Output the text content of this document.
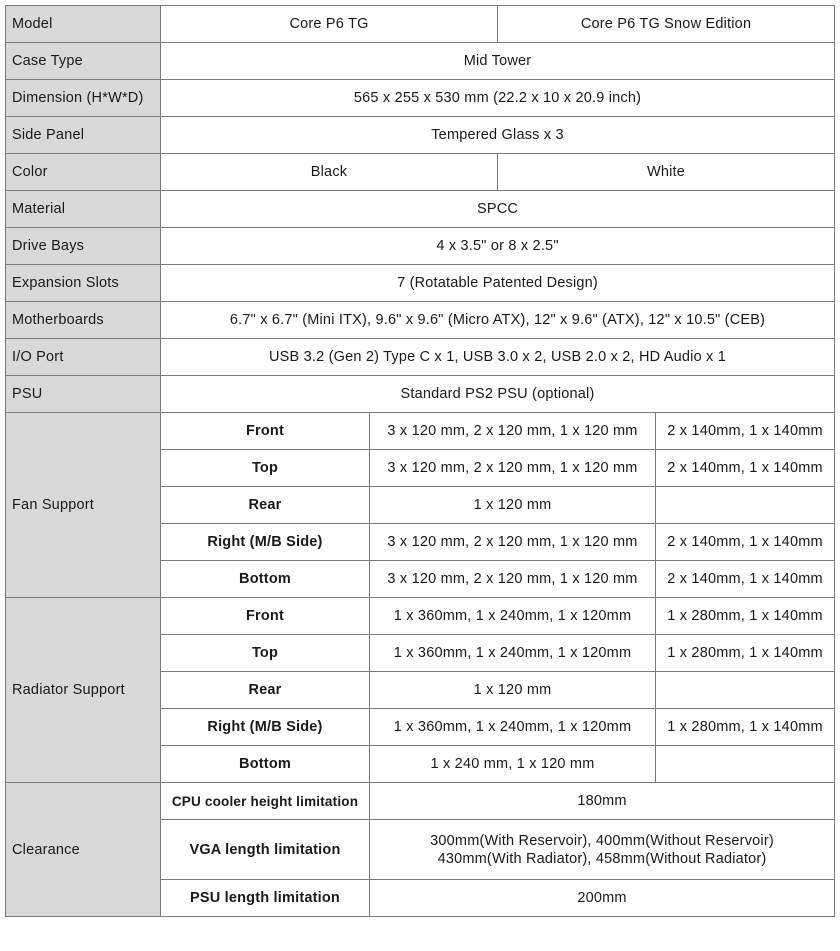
Model	Core P6 TG		Core P6 TG Snow Edition	
Case Type	Mid Tower			
Dimension (H*W*D)	565 x 255 x 530 mm (22.2 x 10 x 20.9 inch)			
Side Panel	Tempered Glass x 3			
Color	Black		White	
Material	SPCC			
Drive Bays	4 x 3.5" or 8 x 2.5"			
Expansion Slots	7 (Rotatable Patented Design)			
Motherboards	6.7" x 6.7" (Mini ITX), 9.6" x 9.6" (Micro ATX), 12" x 9.6" (ATX), 12" x 10.5" (CEB)			
I/O Port	USB 3.2 (Gen 2) Type C x 1, USB 3.0 x 2, USB 2.0 x 2, HD Audio x 1			
PSU	Standard PS2 PSU (optional)			
Fan Support	Front	3 x 120 mm, 2 x 120 mm, 1 x 120 mm		2 x 140mm, 1 x 140mm
	Top	3 x 120 mm, 2 x 120 mm, 1 x 120 mm		2 x 140mm, 1 x 140mm
	Rear	1 x 120 mm		
	Right (M/B Side)	3 x 120 mm, 2 x 120 mm, 1 x 120 mm		2 x 140mm, 1 x 140mm
	Bottom	3 x 120 mm, 2 x 120 mm, 1 x 120 mm		2 x 140mm, 1 x 140mm
Radiator Support	Front	1 x 360mm, 1 x 240mm, 1 x 120mm		1 x 280mm, 1 x 140mm
	Top	1 x 360mm, 1 x 240mm, 1 x 120mm		1 x 280mm, 1 x 140mm
	Rear	1 x 120 mm		
	Right (M/B Side)	1 x 360mm, 1 x 240mm, 1 x 120mm		1 x 280mm, 1 x 140mm
	Bottom	1 x 240 mm, 1 x 120 mm		
Clearance	CPU cooler height limitation	180mm		
	VGA length limitation	300mm(With Reservoir), 400mm(Without Reservoir)
430mm(With Radiator), 458mm(Without Radiator)		

	PSU length limitation	200mm		
